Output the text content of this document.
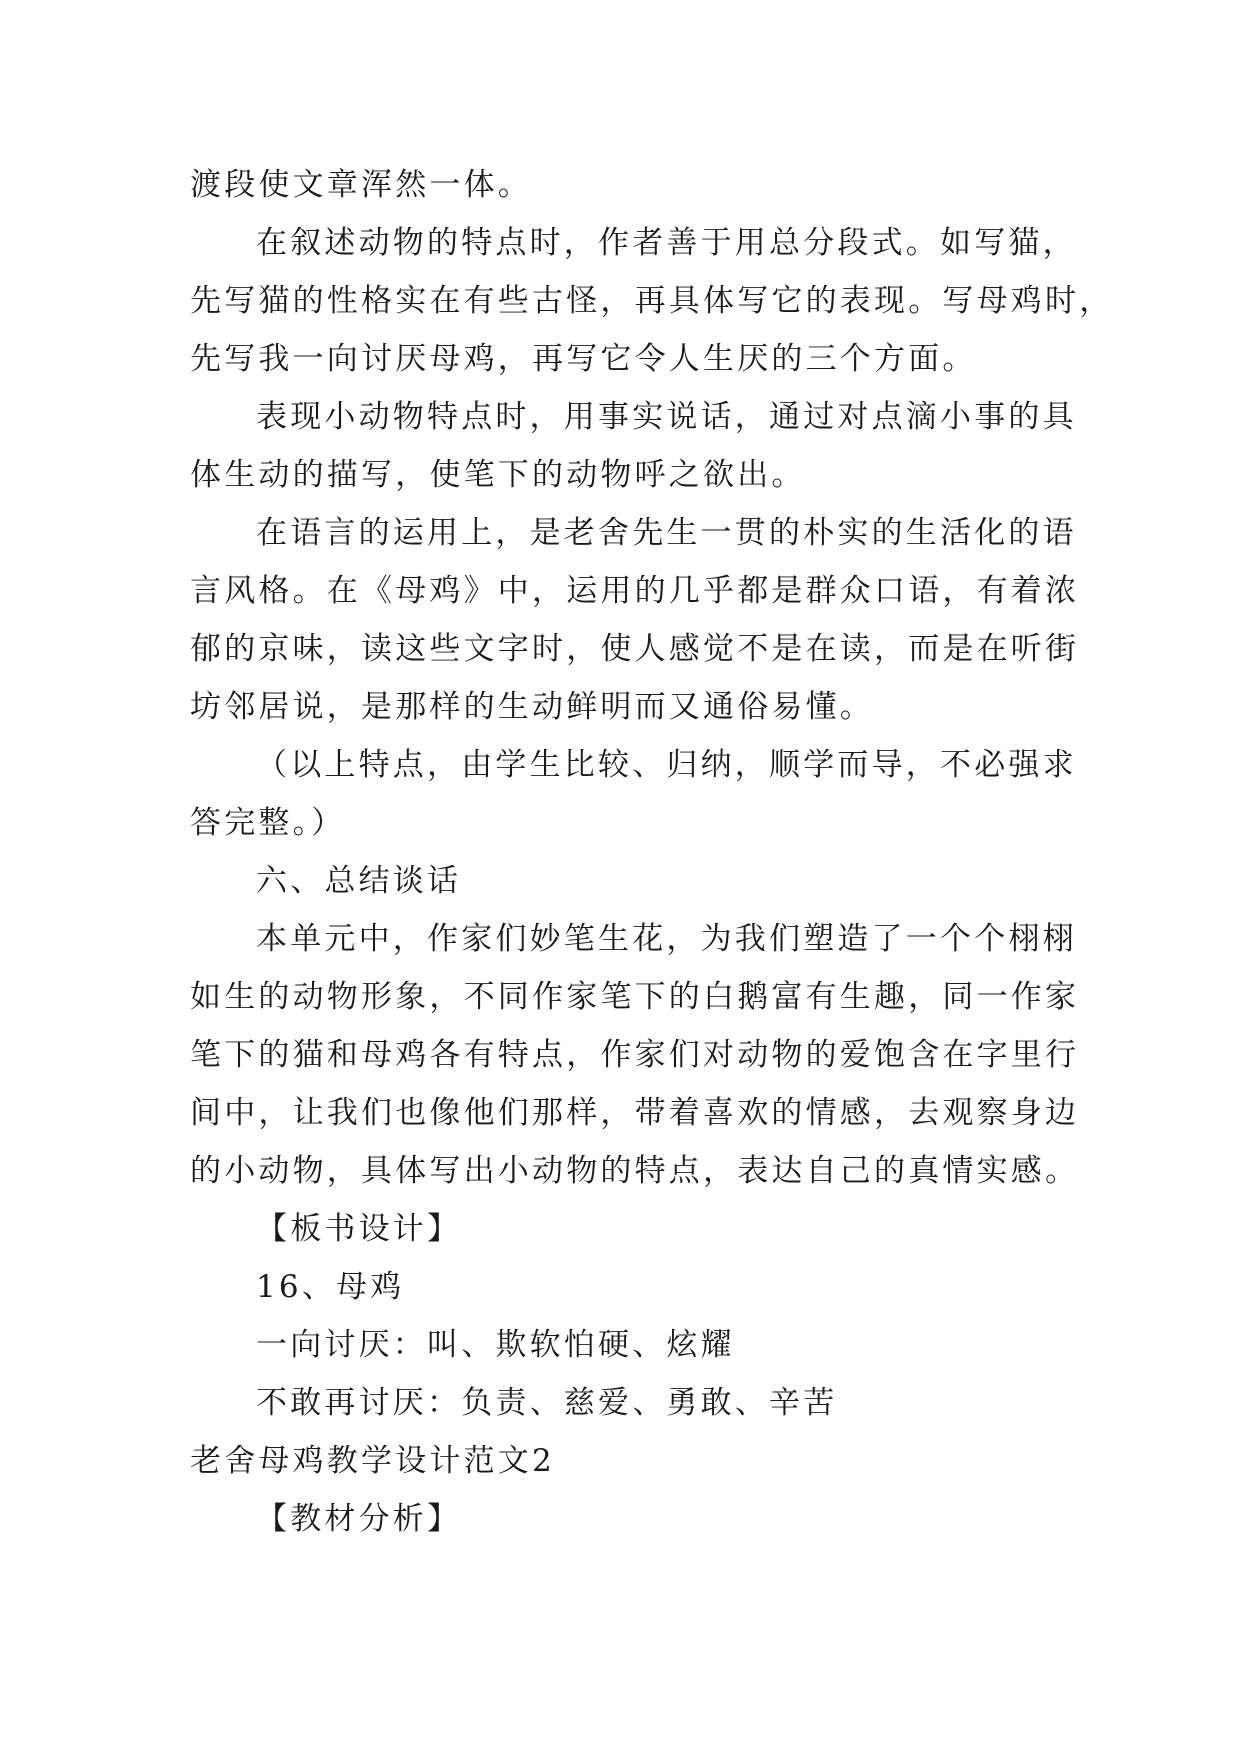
渡段使文章浑然一体。
在叙述动物的特点时，作者善于用总分段式。如写猫，
先写猫的性格实在有些古怪，再具体写它的表现。写母鸡时，
先写我一向讨厌母鸡，再写它令人生厌的三个方面。
表现小动物特点时，用事实说话，通过对点滴小事的具
体生动的描写，使笔下的动物呼之欲出。
在语言的运用上，是老舍先生一贯的朴实的生活化的语
言风格。在《母鸡》中，运用的几乎都是群众口语，有着浓
郁的京味，读这些文字时，使人感觉不是在读，而是在听街
坊邻居说，是那样的生动鲜明而又通俗易懂。
（以上特点，由学生比较、归纳，顺学而导，不必强求
答完整。）
六、总结谈话
本单元中，作家们妙笔生花，为我们塑造了一个个栩栩
如生的动物形象，不同作家笔下的白鹅富有生趣，同一作家
笔下的猫和母鸡各有特点，作家们对动物的爱饱含在字里行
间中，让我们也像他们那样，带着喜欢的情感，去观察身边
的小动物，具体写出小动物的特点，表达自己的真情实感。
【板书设计】
16、母鸡
一向讨厌：叫、欺软怕硬、炫耀
不敢再讨厌：负责、慈爱、勇敢、辛苦
老舍母鸡教学设计范文2
【教材分析】
